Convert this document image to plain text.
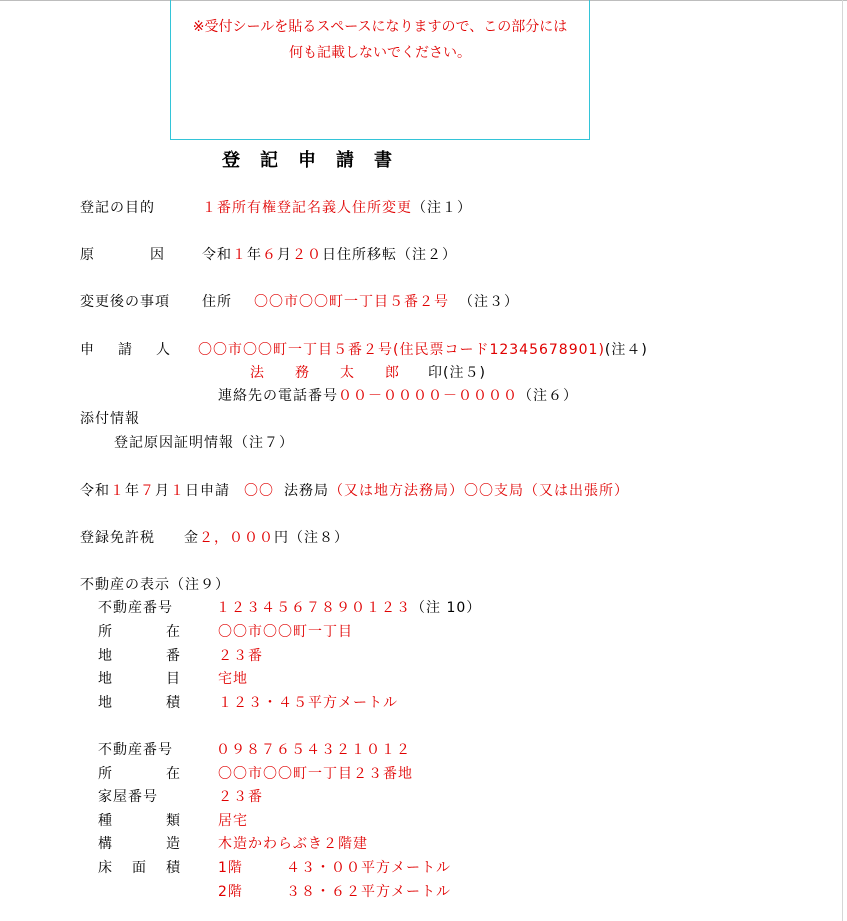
※受付シールを貼るスペースになりますので、この部分には
何も記載しないでください。
登記申請書
登記の目的	１番所有権登記名義人住所変更（注１）
原	因	令和１年６月２０日住所移転（注２）
変更後の事項 住所 〇〇市〇〇町一丁目５番２号 （注３）
申 請 人 〇〇市〇〇町一丁目５番２号(住民票コード12345678901)(注４)
法　　務　　太　　郎 印(注５)
連絡先の電話番号００－００００－００００（注６）
添付情報
登記原因証明情報（注７）
令和１年７月１日申請 〇〇 法務局（又は地方法務局）〇〇支局（又は出張所）
登録免許税 金２，０００円（注８）
不動産の表示（注９）
不動産番号	１２３４５６７８９０１２３（注 10）
所	在	〇〇市〇〇町一丁目
地	番	２３番
地	目	宅地
地	積	１２３・４５平方メートル
不動産番号	０９８７６５４３２１０１２
所	在	〇〇市〇〇町一丁目２３番地
家屋番号	２３番
種	類	居宅
構	造	木造かわらぶき２階建
床 面 積	1階	４３・００平方メートル
2階	３８・６２平方メートル
